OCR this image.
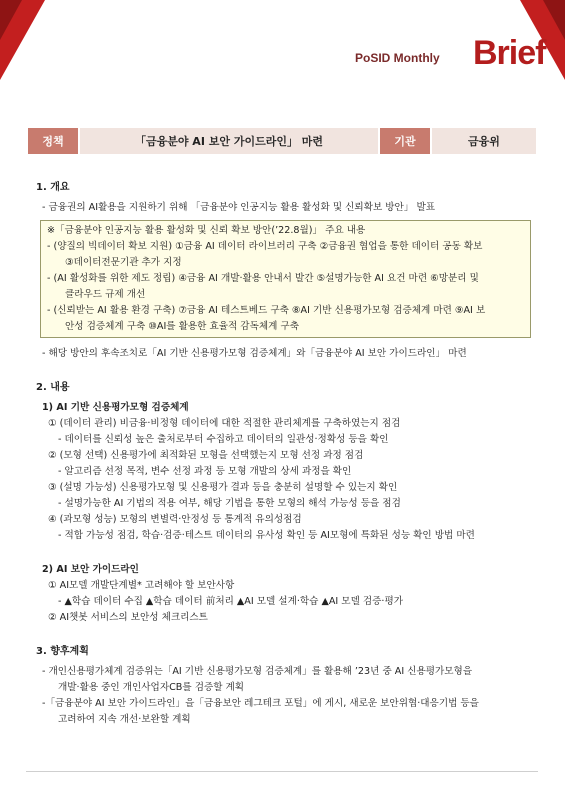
PoSID Monthly Brief
정책	「금융분야 AI 보안 가이드라인」 마련	기관	금융위
1. 개요
- 금융권의 AI활용을 지원하기 위해 「금융분야 인공지능 활용 활성화 및 신뢰확보 방안」 발표
※「금융분야 인공지능 활용 활성화 및 신뢰 확보 방안(’22.8월)」 주요 내용
- (양질의 빅데이터 확보 지원) ①금융 AI 데이터 라이브러리 구축 ②금융권 협업을 통한 데이터 공동 확보
③데이터전문기관 추가 지정
- (AI 활성화를 위한 제도 정립) ④금융 AI 개발·활용 안내서 발간 ⑤설명가능한 AI 요건 마련 ⑥망분리 및
클라우드 규제 개선
- (신뢰받는 AI 활용 환경 구축) ⑦금융 AI 테스트베드 구축 ⑧AI 기반 신용평가모형 검증체계 마련 ⑨AI 보
안성 검증체계 구축 ⑩AI를 활용한 효율적 감독체계 구축
- 해당 방안의 후속조치로「AI 기반 신용평가모형 검증체계」와「금융분야 AI 보안 가이드라인」 마련
2. 내용
1) AI 기반 신용평가모형 검증체계
① (데이터 관리) 비금융·비정형 데이터에 대한 적절한 관리체계를 구축하였는지 점검
- 데이터를 신뢰성 높은 출처로부터 수집하고 데이터의 일관성·정확성 등을 확인
② (모형 선택) 신용평가에 최적화된 모형을 선택했는지 모형 선정 과정 점검
- 알고리즘 선정 목적, 변수 선정 과정 등 모형 개발의 상세 과정을 확인
③ (설명 가능성) 신용평가모형 및 신용평가 결과 등을 충분히 설명할 수 있는지 확인
- 설명가능한 AI 기법의 적용 여부, 해당 기법을 통한 모형의 해석 가능성 등을 점검
④ (과모형 성능) 모형의 변별력·안정성 등 통계적 유의성점검
- 적합 가능성 점검, 학습·검증·테스트 데이터의 유사성 확인 등 AI모형에 특화된 성능 확인 방법 마련
2) AI 보안 가이드라인
① AI모델 개발단계별* 고려해야 할 보안사항
- ▲학습 데이터 수집 ▲학습 데이터 前처리 ▲AI 모델 설계·학습 ▲AI 모델 검증·평가
② AI챗봇 서비스의 보안성 체크리스트
3. 향후계획
- 개인신용평가체계 검증위는「AI 기반 신용평가모형 검증체계」를 활용해 ’23년 중 AI 신용평가모형을
개발·활용 중인 개인사업자CB를 검증할 계획
-「금융분야 AI 보안 가이드라인」을「금융보안 레그테크 포털」에 게시, 새로운 보안위협·대응기법 등을
고려하여 지속 개선·보완할 계획
